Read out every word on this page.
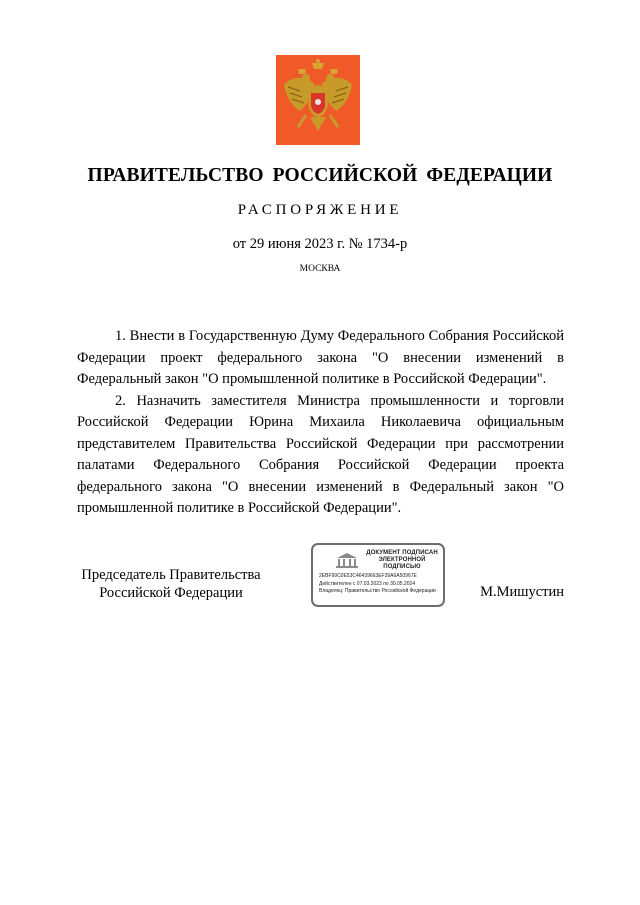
ПРАВИТЕЛЬСТВО РОССИЙСКОЙ ФЕДЕРАЦИИ
РАСПОРЯЖЕНИЕ
от 29 июня 2023 г. № 1734-р
МОСКВА

1. Внести в Государственную Думу Федерального Собрания Российской Федерации проект федерального закона "О внесении изменений в Федеральный закон "О промышленной политике в Российской Федерации".

2. Назначить заместителя Министра промышленности и торговли Российской Федерации Юрина Михаила Николаевича официальным представителем Правительства Российской Федерации при рассмотрении палатами Федерального Собрания Российской Федерации проекта федерального закона "О внесении изменений в Федеральный закон "О промышленной политике в Российской Федерации".

Председатель Правительства
Российской Федерации
ДОКУМЕНТ ПОДПИСАН
ЭЛЕКТРОННОЙ ПОДПИСЬЮ
2EBF99C0E53C46439663EF39A6A50967E
Действителен с 07.03.2023 по 30.05.2024
Владелец: Правительство Российской Федерации	М.Мишустин
